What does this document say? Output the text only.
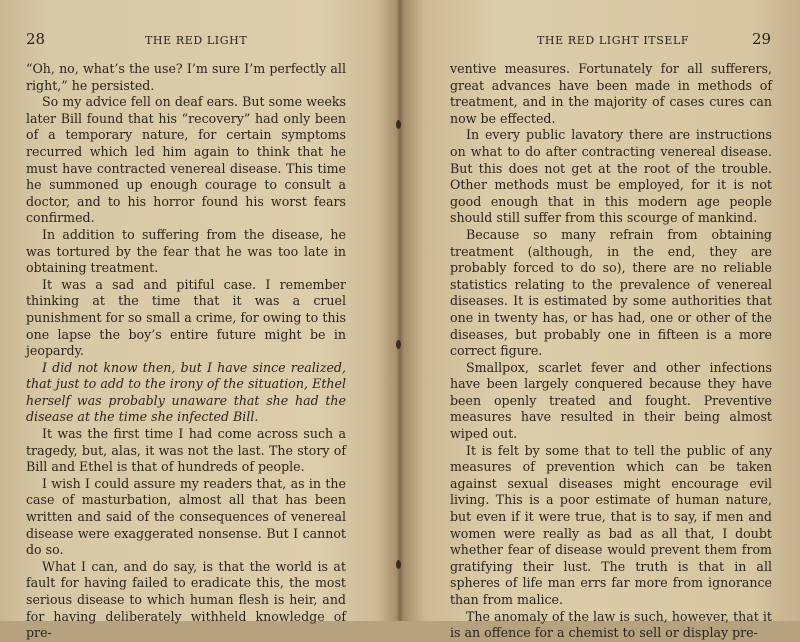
28	THE RED LIGHT

“Oh, no, what’s the use? I’m sure I’m perfectly all right,” he persisted.

So my advice fell on deaf ears. But some weeks later Bill found that his “recovery” had only been of a temporary nature, for certain symptoms recurred which led him again to think that he must have contracted venereal disease. This time he summoned up enough courage to consult a doctor, and to his horror found his worst fears confirmed.

In addition to suffering from the disease, he was tortured by the fear that he was too late in obtaining treatment.

It was a sad and pitiful case. I remember thinking at the time that it was a cruel punishment for so small a crime, for owing to this one lapse the boy’s entire future might be in jeopardy.

I did not know then, but I have since realized, that just to add to the irony of the situation, Ethel herself was probably unaware that she had the disease at the time she infected Bill.

It was the first time I had come across such a tragedy, but, alas, it was not the last. The story of Bill and Ethel is that of hundreds of people.

I wish I could assure my readers that, as in the case of masturbation, almost all that has been written and said of the consequences of venereal disease were exaggerated nonsense. But I cannot do so.

What I can, and do say, is that the world is at fault for having failed to eradicate this, the most serious disease to which human flesh is heir, and for having deliberately withheld knowledge of pre-

THE RED LIGHT ITSELF	29

ventive measures. Fortunately for all sufferers, great advances have been made in methods of treatment, and in the majority of cases cures can now be effected.

In every public lavatory there are instructions on what to do after contracting venereal disease. But this does not get at the root of the trouble. Other methods must be employed, for it is not good enough that in this modern age people should still suffer from this scourge of mankind.

Because so many refrain from obtaining treatment (although, in the end, they are probably forced to do so), there are no reliable statistics relating to the prevalence of venereal diseases. It is estimated by some authorities that one in twenty has, or has had, one or other of the diseases, but probably one in fifteen is a more correct figure.

Smallpox, scarlet fever and other infections have been largely conquered because they have been openly treated and fought. Preventive measures have resulted in their being almost wiped out.

It is felt by some that to tell the public of any measures of prevention which can be taken against sexual diseases might encourage evil living. This is a poor estimate of human nature, but even if it were true, that is to say, if men and women were really as bad as all that, I doubt whether fear of disease would prevent them from gratifying their lust. The truth is that in all spheres of life man errs far more from ignorance than from malice.

The anomaly of the law is such, however, that it is an offence for a chemist to sell or display pre-
